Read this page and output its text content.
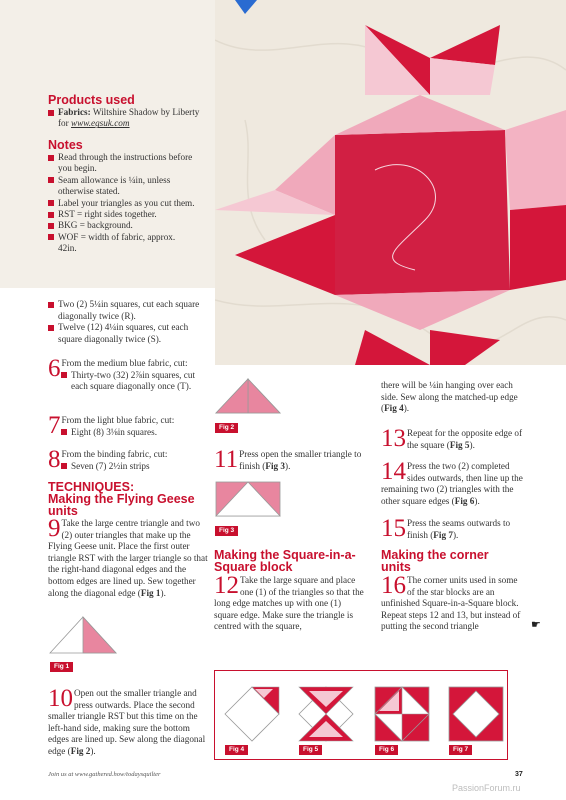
Products used
Fabrics: Wiltshire Shadow by Liberty for www.egsuk.com
Notes
Read through the instructions before you begin.
Seam allowance is ¼in, unless otherwise stated.
Label your triangles as you cut them.
RST = right sides together.
BKG = background.
WOF = width of fabric, approx. 42in.
Two (2) 5¼in squares, cut each square diagonally twice (R).
Twelve (12) 4¼in squares, cut each square diagonally twice (S).
6 From the medium blue fabric, cut:
Thirty-two (32) 2⅞in squares, cut each square diagonally once (T).
7 From the light blue fabric, cut:
Eight (8) 3⅛in squares.
8 From the binding fabric, cut:
Seven (7) 2½in strips
TECHNIQUES:
Making the Flying Geese units
9 Take the large centre triangle and two (2) outer triangles that make up the Flying Geese unit. Place the first outer triangle RST with the larger triangle so that the right-hand diagonal edges and the bottom edges are lined up. Sew together along the diagonal edge (Fig 1).
Fig 1
10 Open out the smaller triangle and press outwards. Place the second smaller triangle RST but this time on the left-hand side, making sure the bottom edges are lined up. Sew along the diagonal edge (Fig 2).
Fig 2
11 Press open the smaller triangle to finish (Fig 3).
Fig 3
Making the Square-in-a-Square block
12 Take the large square and place one (1) of the triangles so that the long edge matches up with one (1) square edge. Make sure the triangle is centred with the square,
there will be ¼in hanging over each side. Sew along the matched-up edge (Fig 4).
13 Repeat for the opposite edge of the square (Fig 5).
14 Press the two (2) completed sides outwards, then line up the remaining two (2) triangles with the other square edges (Fig 6).
15 Press the seams outwards to finish (Fig 7).
Making the corner units
16 The corner units used in some of the star blocks are an unfinished Square-in-a-Square block. Repeat steps 12 and 13, but instead of putting the second triangle	☛
Fig 4	Fig 5	Fig 6	Fig 7
Join us at www.gathered.how/todaysquilter	37
PassionForum.ru
